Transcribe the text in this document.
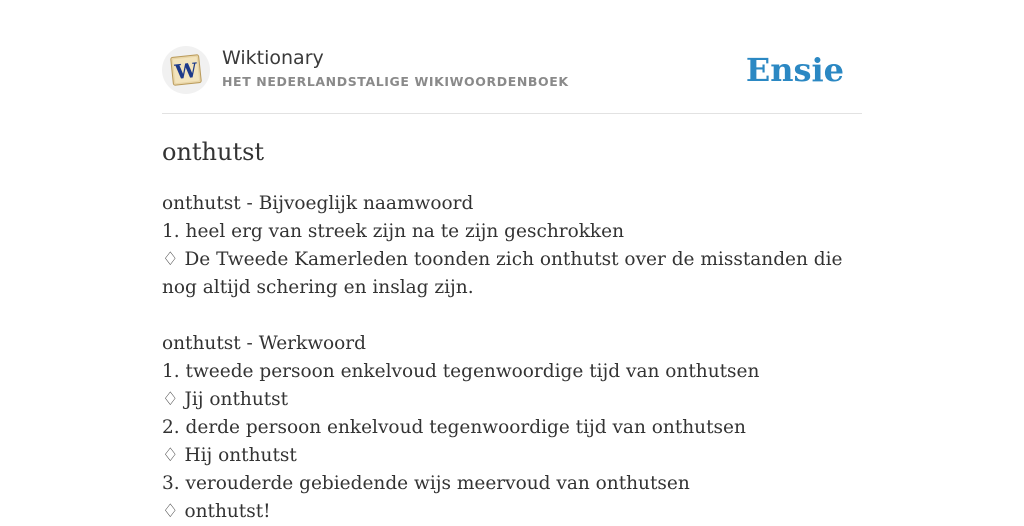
W Wiktionary
HET NEDERLANDSTALIGE WIKIWOORDENBOEK	Ensie
onthutst
onthutst - Bijvoeglijk naamwoord
1. heel erg van streek zijn na te zijn geschrokken
♢ De Tweede Kamerleden toonden zich onthutst over de misstanden die nog altijd schering en inslag zijn.
onthutst - Werkwoord
1. tweede persoon enkelvoud tegenwoordige tijd van onthutsen
♢ Jij onthutst
2. derde persoon enkelvoud tegenwoordige tijd van onthutsen
♢ Hij onthutst
3. verouderde gebiedende wijs meervoud van onthutsen
♢ onthutst!
